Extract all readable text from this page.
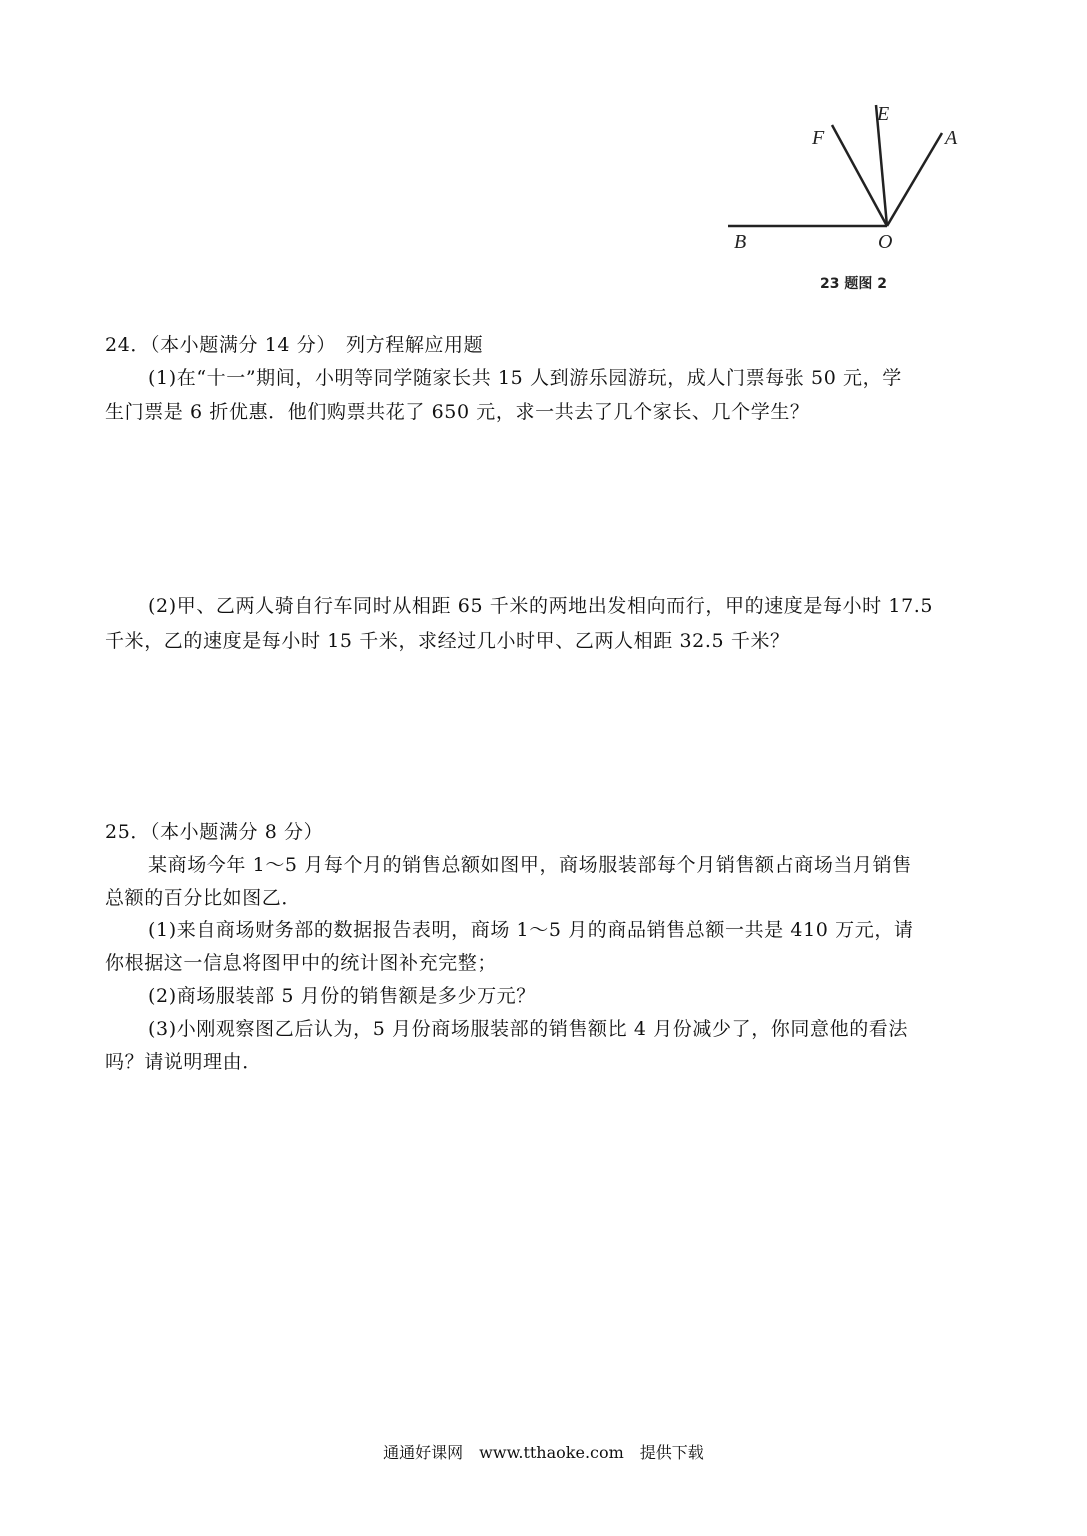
E
F	A
B	O
23 题图 2
24．（本小题满分 14 分）　列方程解应用题
(1)在“十一”期间，小明等同学随家长共 15 人到游乐园游玩，成人门票每张 50 元，学
生门票是 6 折优惠．他们购票共花了 650 元，求一共去了几个家长、几个学生？
(2)甲、乙两人骑自行车同时从相距 65 千米的两地出发相向而行，甲的速度是每小时 17.5
千米，乙的速度是每小时 15 千米，求经过几小时甲、乙两人相距 32.5 千米？
25．（本小题满分 8 分）
某商场今年 1～5 月每个月的销售总额如图甲，商场服装部每个月销售额占商场当月销售
总额的百分比如图乙．
(1)来自商场财务部的数据报告表明，商场 1～5 月的商品销售总额一共是 410 万元，请
你根据这一信息将图甲中的统计图补充完整；
(2)商场服装部 5 月份的销售额是多少万元？
(3)小刚观察图乙后认为，5 月份商场服装部的销售额比 4 月份减少了，你同意他的看法
吗？请说明理由．
通通好课网　www.tthaoke.com　提供下载
